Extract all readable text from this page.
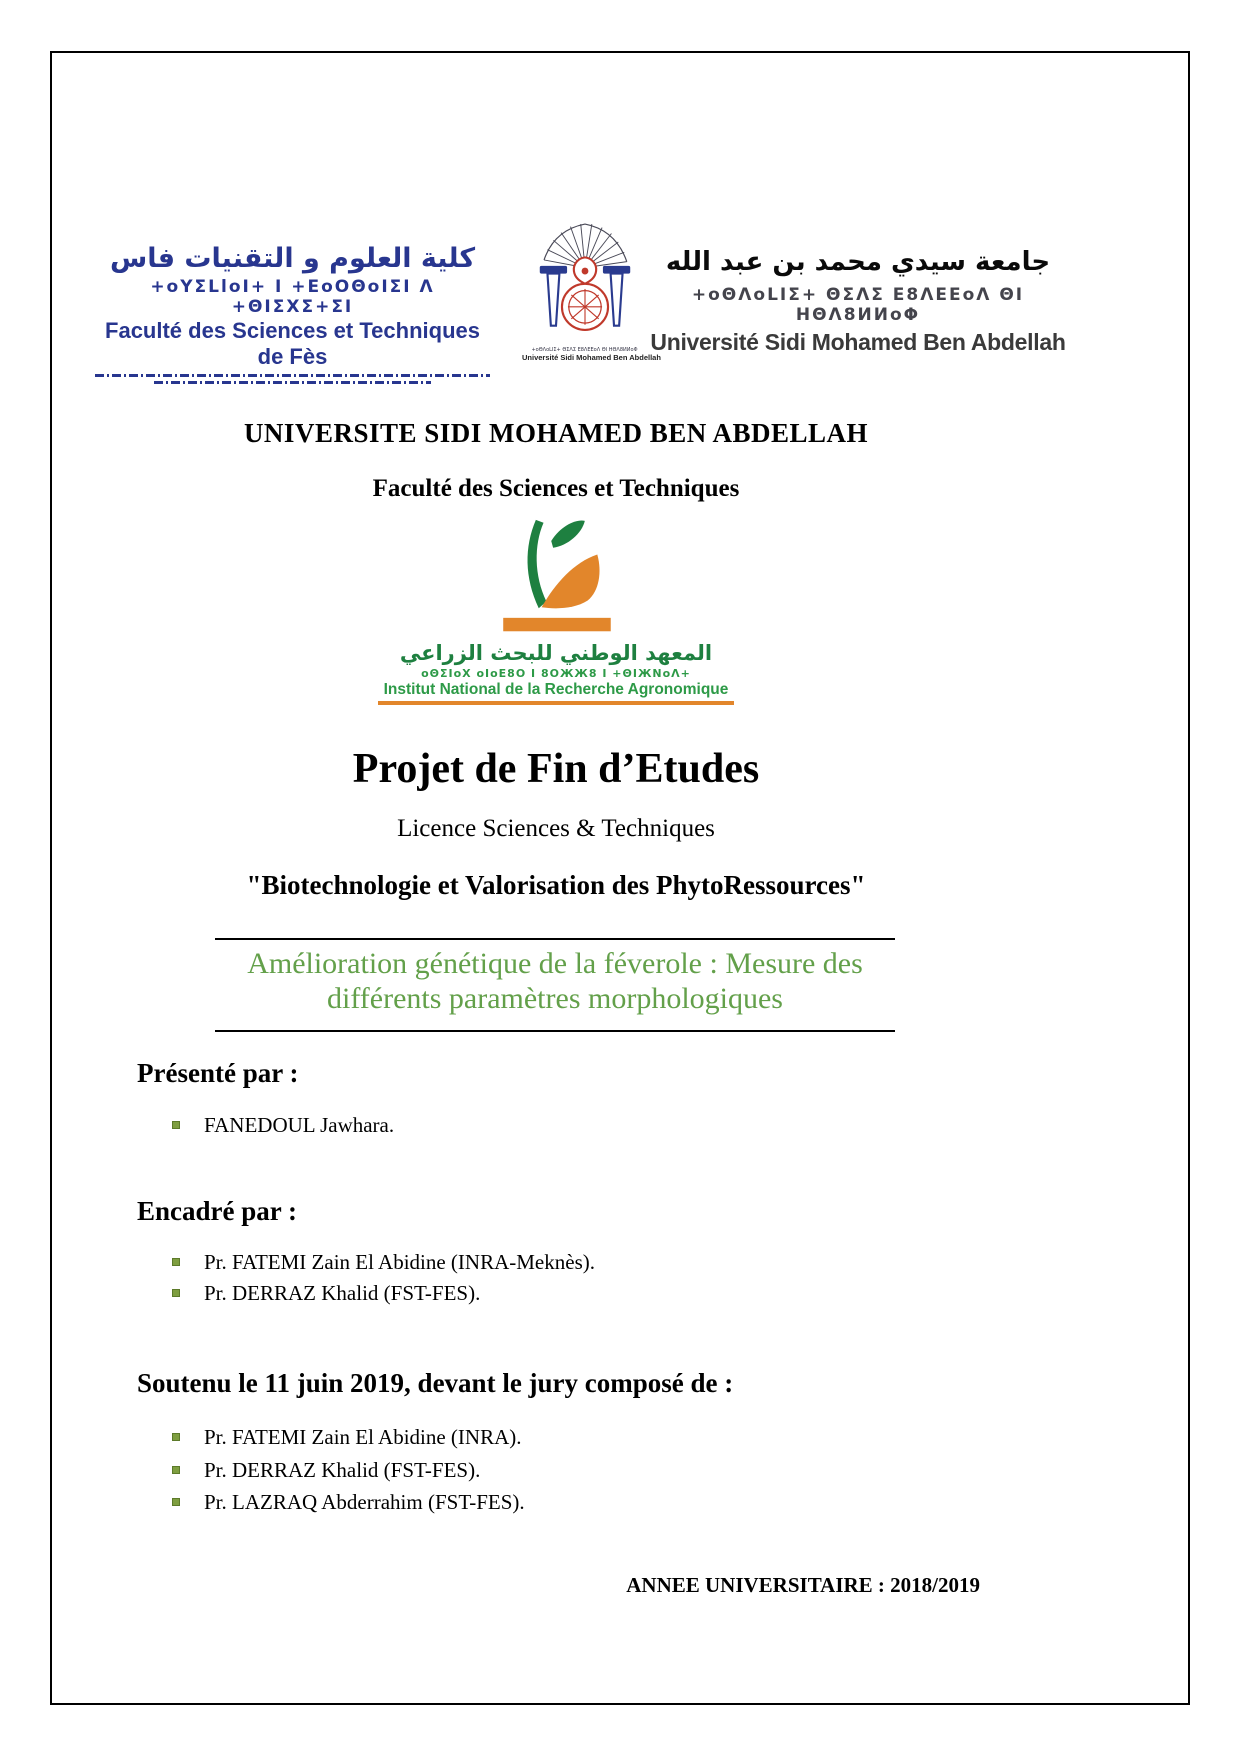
كلية العلوم و التقنيات فاس
+oYΣLloI+ I +EoOΘoIΣI Λ +ΘIΣXΣ+ΣI
Faculté des Sciences et Techniques de Fès	+oΘΛoLIΣ+ ΘΣΛΣ E8ΛEEoΛ ΘI HΘΛ8ИИoΦ
Université Sidi Mohamed Ben Abdellah
جامعة سيدي محمد بن عبد الله
+oΘΛoLIΣ+ ΘΣΛΣ E8ΛEEoΛ ΘI HΘΛ8ИИoΦ
Université Sidi Mohamed Ben Abdellah
UNIVERSITE SIDI MOHAMED BEN ABDELLAH
Faculté des Sciences et Techniques
المعهد الوطني للبحث الزراعي
oΘΣIoX oIoE8O I 8OЖЖ8 I +ΘIЖNoΛ+
Institut National de la Recherche Agronomique
Projet de Fin d’Etudes
Licence Sciences & Techniques
"Biotechnologie et Valorisation des PhytoRessources"
Amélioration génétique de la féverole : Mesure des différents paramètres morphologiques
Présenté par :
FANEDOUL Jawhara.
Encadré par :
Pr. FATEMI Zain El Abidine (INRA-Meknès).
Pr. DERRAZ Khalid (FST-FES).
Soutenu le 11 juin 2019, devant le jury composé de :
Pr. FATEMI Zain El Abidine (INRA).
Pr. DERRAZ Khalid (FST-FES).
Pr. LAZRAQ Abderrahim (FST-FES).
ANNEE UNIVERSITAIRE : 2018/2019
